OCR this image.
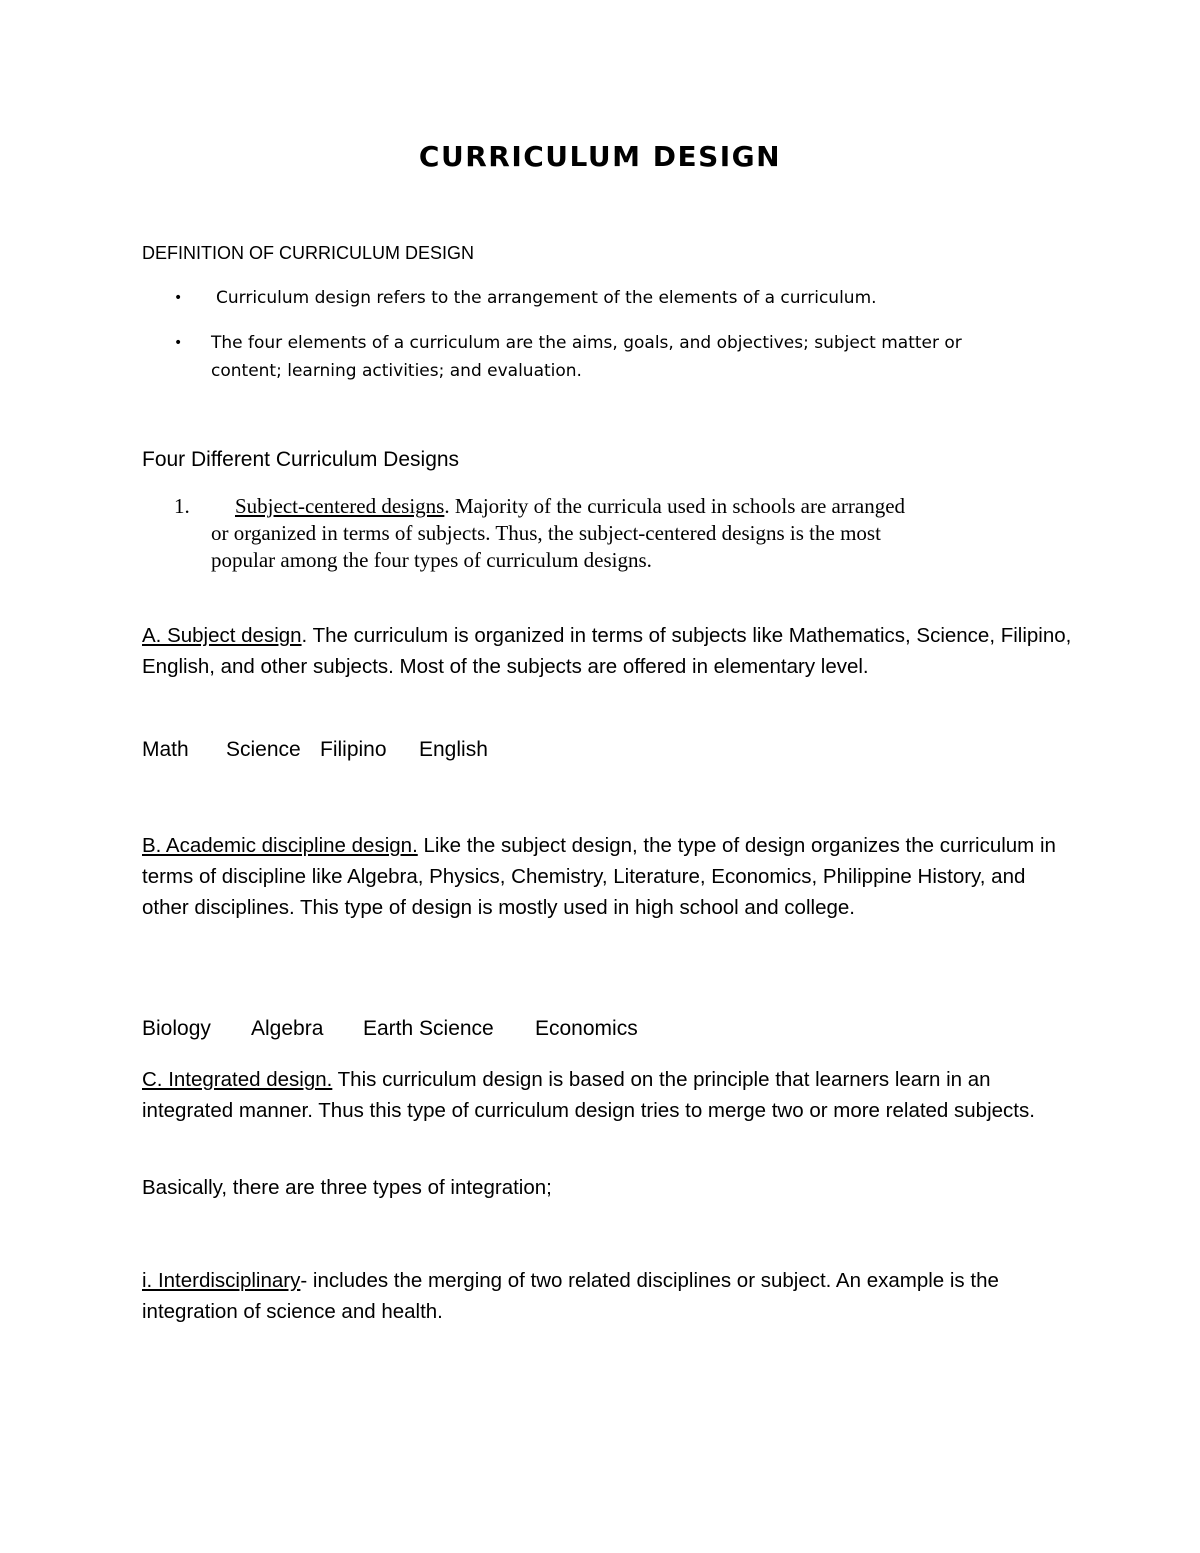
CURRICULUM DESIGN
DEFINITION OF CURRICULUM DESIGN
• Curriculum design refers to the arrangement of the elements of a curriculum.
• The four elements of a curriculum are the aims, goals, and objectives; subject matter or
content; learning activities; and evaluation.
Four Different Curriculum Designs
1. Subject-centered designs. Majority of the curricula used in schools are arranged
or organized in terms of subjects. Thus, the subject-centered designs is the most
popular among the four types of curriculum designs.

A. Subject design. The curriculum is organized in terms of subjects like Mathematics, Science, Filipino, English, and other subjects. Most of the subjects are offered in elementary level.

Math Science Filipino English

B. Academic discipline design. Like the subject design, the type of design organizes the curriculum in terms of discipline like Algebra, Physics, Chemistry, Literature, Economics, Philippine History, and other disciplines. This type of design is mostly used in high school and college.

Biology Algebra Earth Science Economics

C. Integrated design. This curriculum design is based on the principle that learners learn in an integrated manner. Thus this type of curriculum design tries to merge two or more related subjects.

Basically, there are three types of integration;

i. Interdisciplinary- includes the merging of two related disciplines or subject. An example is the integration of science and health.
